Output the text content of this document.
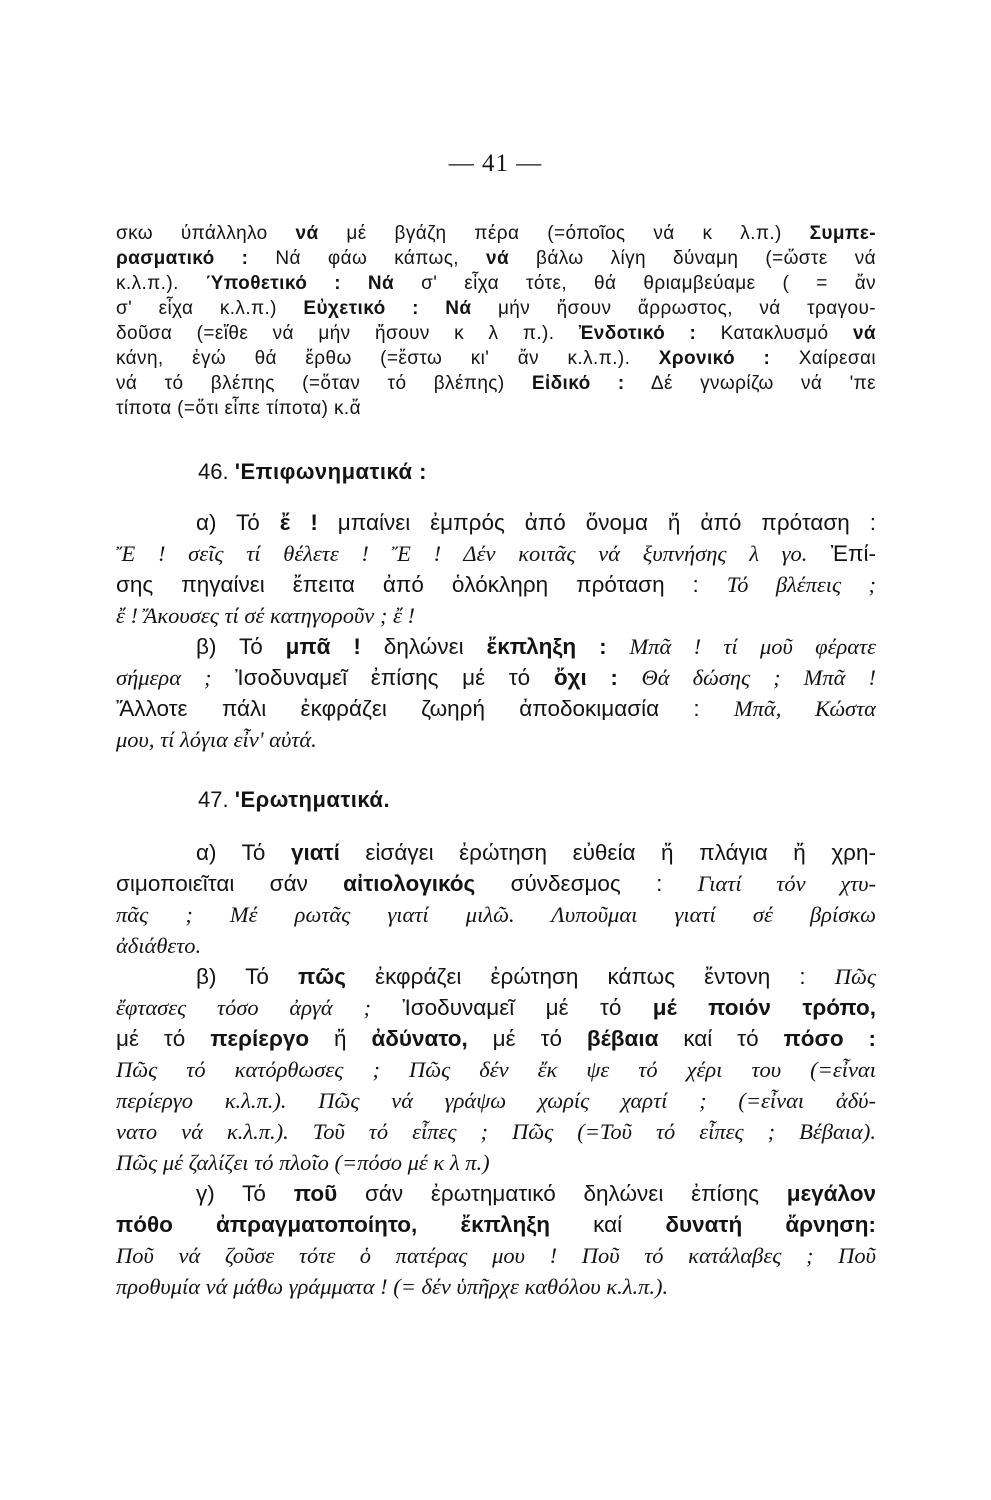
— 41 —
σκω ύπάλληλο νά μέ βγάζη πέρα (=όποῖος νά κ λ.π.) Συμπε-
ρασματικό : Νά φάω κάπως, νά βάλω λίγη δύναμη (=ὥστε νά
κ.λ.π.). Ύποθετικό : Νά σ' εἶχα τότε, θά θριαμβεύαμε ( = ἄν
σ' εἶχα κ.λ.π.) Εὐχετικό : Νά μήν ἤσουν ἄρρωστος, νά τραγου-
δοῦσα (=εἴθε νά μήν ἤσουν κ λ π.). Ἐνδοτικό : Κατακλυσμό νά
κάνη, ἐγώ θά ἔρθω (=ἔστω κι' ἄν κ.λ.π.). Χρονικό : Χαίρεσαι
νά τό βλέπης (=ὅταν τό βλέπης) Εἰδικό : Δέ γνωρίζω νά 'πε
τίποτα (=ὅτι εἶπε τίποτα) κ.ἄ
46. 'Επιφωνηματικά :
α) Τό ἔ ! μπαίνει ἐμπρός ἀπό ὄνομα ἤ ἀπό πρόταση :
Ἔ ! σεῖς τί θέλετε ! Ἔ ! Δέν κοιτᾶς νά ξυπνήσης λ γο. Ἐπί-
σης πηγαίνει ἔπειτα ἀπό ὁλόκληρη πρόταση : Τό βλέπεις ;
ἔ ! Ἄκουσες τί σέ κατηγοροῦν ; ἔ !
β) Τό μπᾶ ! δηλώνει ἔκπληξη : Μπᾶ ! τί μοῦ φέρατε
σήμερα ; Ἰσοδυναμεῖ ἐπίσης μέ τό ὄχι : Θά δώσης ; Μπᾶ !
Ἄλλοτε πάλι ἐκφράζει ζωηρή ἀποδοκιμασία : Μπᾶ, Κώστα
μου, τί λόγια εἶν' αὐτά.
47. 'Ερωτηματικά.
α) Τό γιατί εἰσάγει ἐρώτηση εὐθεία ἤ πλάγια ἤ χρη-
σιμοποιεῖται σάν αἰτιολογικός σύνδεσμος : Γιατί τόν χτυ-
πᾶς ; Μέ ρωτᾶς γιατί μιλῶ. Λυποῦμαι γιατί σέ βρίσκω
ἀδιάθετο.
β) Τό πῶς ἐκφράζει ἐρώτηση κάπως ἔντονη : Πῶς
ἔφτασες τόσο ἀργά ; Ἰσοδυναμεῖ μέ τό μέ ποιόν τρόπο,
μέ τό περίεργο ἤ ἀδύνατο, μέ τό βέβαια καί τό πόσο :
Πῶς τό κατόρθωσες ; Πῶς δέν ἔκ ψε τό χέρι του (=εἶναι
περίεργο κ.λ.π.). Πῶς νά γράψω χωρίς χαρτί ; (=εἶναι ἀδύ-
νατο νά κ.λ.π.). Τοῦ τό εἶπες ; Πῶς (=Τοῦ τό εἶπες ; Βέβαια).
Πῶς μέ ζαλίζει τό πλοῖο (=πόσο μέ κ λ π.)
γ) Τό ποῦ σάν ἐρωτηματικό δηλώνει ἐπίσης μεγάλον
πόθο ἀπραγματοποίητο, ἔκπληξη καί δυνατή ἄρνηση:
Ποῦ νά ζοῦσε τότε ὁ πατέρας μου ! Ποῦ τό κατάλαβες ; Ποῦ
προθυμία νά μάθω γράμματα ! (= δέν ὑπῆρχε καθόλου κ.λ.π.).
